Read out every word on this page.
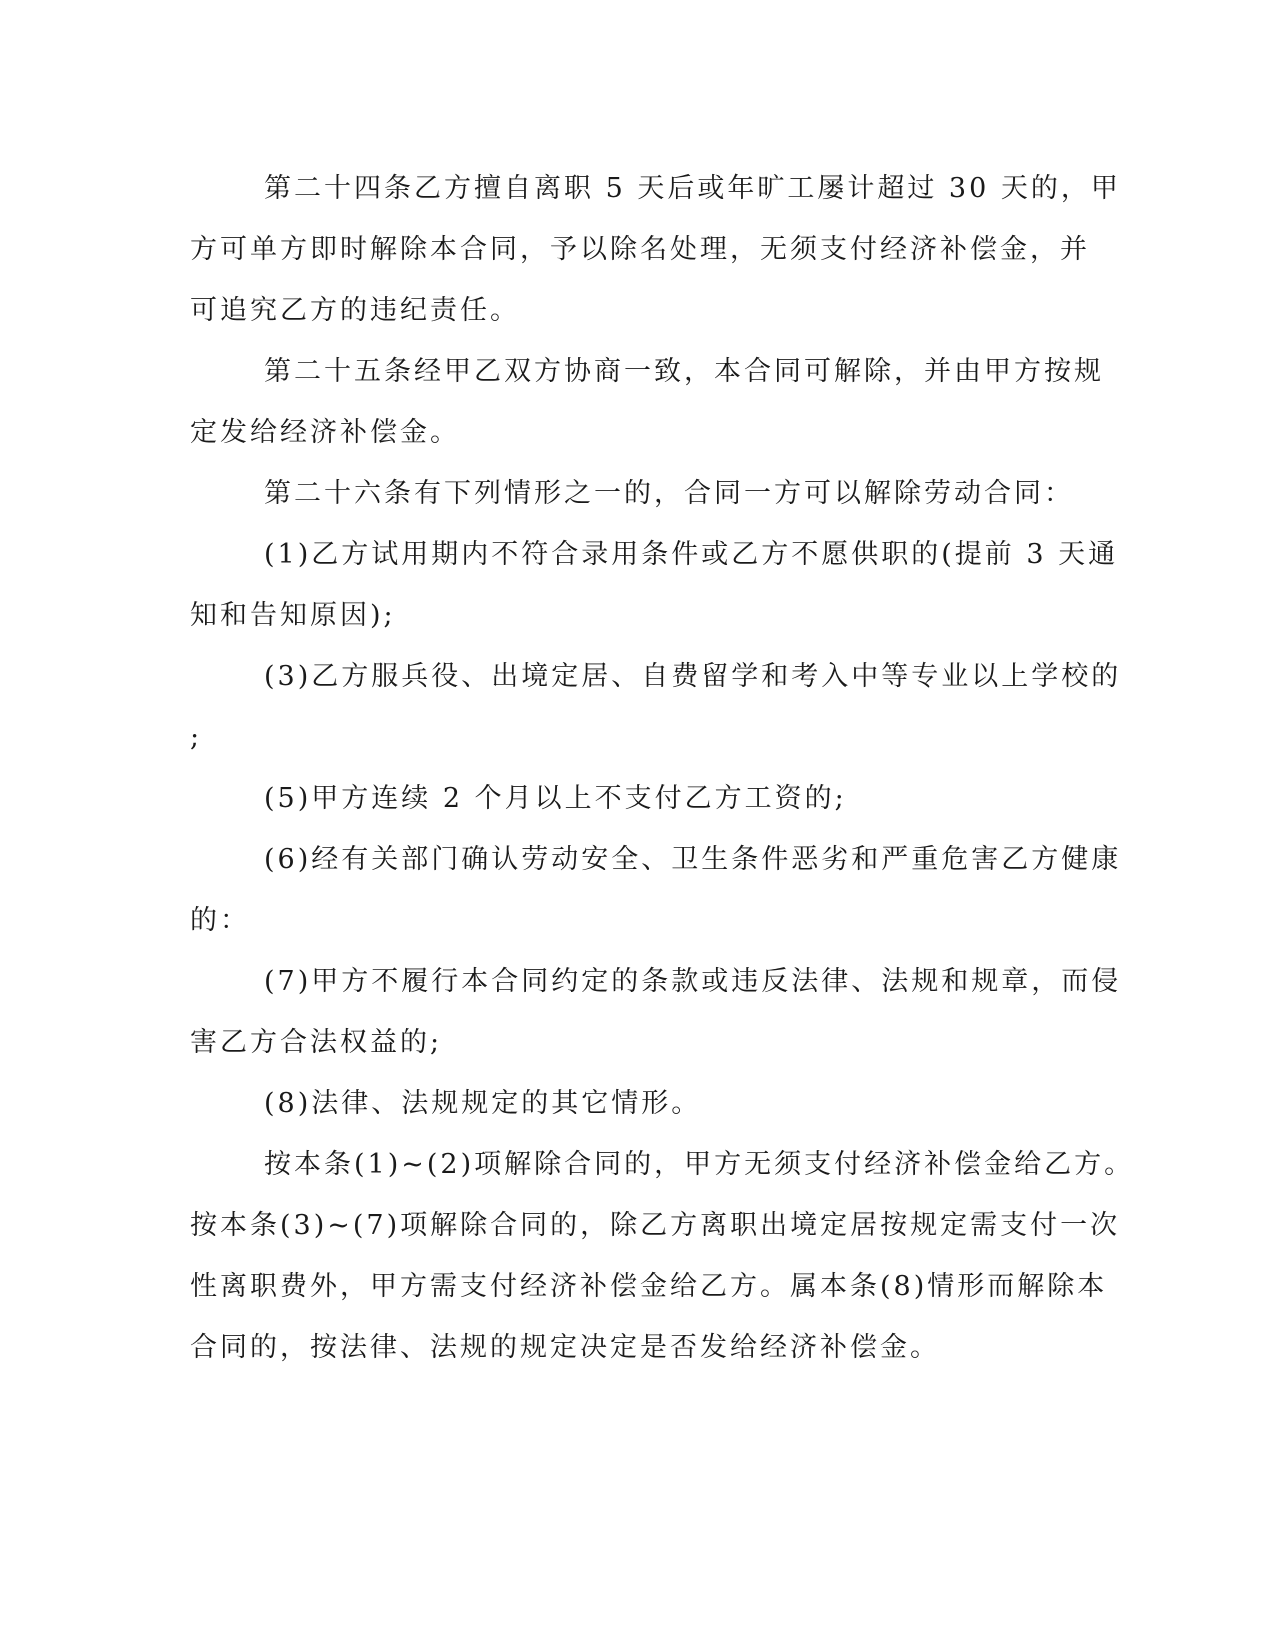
第二十四条乙方擅自离职 5 天后或年旷工屡计超过 30 天的，甲
方可单方即时解除本合同，予以除名处理，无须支付经济补偿金，并
可追究乙方的违纪责任。

第二十五条经甲乙双方协商一致，本合同可解除，并由甲方按规
定发给经济补偿金。

第二十六条有下列情形之一的，合同一方可以解除劳动合同：

(1)乙方试用期内不符合录用条件或乙方不愿供职的(提前 3 天通
知和告知原因);

(3)乙方服兵役、出境定居、自费留学和考入中等专业以上学校的
;

(5)甲方连续 2 个月以上不支付乙方工资的;

(6)经有关部门确认劳动安全、卫生条件恶劣和严重危害乙方健康
的：

(7)甲方不履行本合同约定的条款或违反法律、法规和规章，而侵
害乙方合法权益的;

(8)法律、法规规定的其它情形。

按本条(1)~(2)项解除合同的，甲方无须支付经济补偿金给乙方。
按本条(3)~(7)项解除合同的，除乙方离职出境定居按规定需支付一次
性离职费外，甲方需支付经济补偿金给乙方。属本条(8)情形而解除本
合同的，按法律、法规的规定决定是否发给经济补偿金。
